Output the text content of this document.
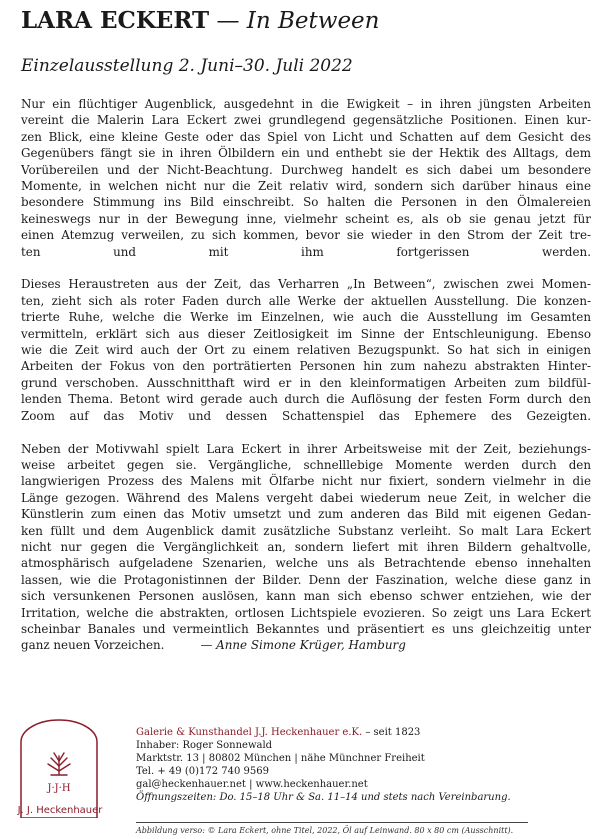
LARA ECKERT — In Between
Einzelausstellung 2. Juni–30. Juli 2022

Nur ein flüchtiger Augenblick, ausgedehnt in die Ewigkeit – in ihren jüngsten Arbeiten
vereint die Malerin Lara Eckert zwei grundlegend gegensätzliche Positionen. Einen kur-
zen Blick, eine kleine Geste oder das Spiel von Licht und Schatten auf dem Gesicht des
Gegenübers fängt sie in ihren Ölbildern ein und enthebt sie der Hektik des Alltags, dem
Vorübereilen und der Nicht-Beachtung. Durchweg handelt es sich dabei um besondere
Momente, in welchen nicht nur die Zeit relativ wird, sondern sich darüber hinaus eine
besondere Stimmung ins Bild einschreibt. So halten die Personen in den Ölmalereien
keineswegs nur in der Bewegung inne, vielmehr scheint es, als ob sie genau jetzt für
einen Atemzug verweilen, zu sich kommen, bevor sie wieder in den Strom der Zeit tre-
ten und mit ihm fortgerissen werden.

Dieses Heraustreten aus der Zeit, das Verharren „In Between“, zwischen zwei Momen-
ten, zieht sich als roter Faden durch alle Werke der aktuellen Ausstellung. Die konzen-
trierte Ruhe, welche die Werke im Einzelnen, wie auch die Ausstellung im Gesamten
vermitteln, erklärt sich aus dieser Zeitlosigkeit im Sinne der Entschleunigung. Ebenso
wie die Zeit wird auch der Ort zu einem relativen Bezugspunkt. So hat sich in einigen
Arbeiten der Fokus von den porträtierten Personen hin zum nahezu abstrakten Hinter-
grund verschoben. Ausschnitthaft wird er in den kleinformatigen Arbeiten zum bildfül-
lenden Thema. Betont wird gerade auch durch die Auflösung der festen Form durch den
Zoom auf das Motiv und dessen Schattenspiel das Ephemere des Gezeigten.

Neben der Motivwahl spielt Lara Eckert in ihrer Arbeitsweise mit der Zeit, beziehungs-
weise arbeitet gegen sie. Vergängliche, schnelllebige Momente werden durch den
langwierigen Prozess des Malens mit Ölfarbe nicht nur fixiert, sondern vielmehr in die
Länge gezogen. Während des Malens vergeht dabei wiederum neue Zeit, in welcher die
Künstlerin zum einen das Motiv umsetzt und zum anderen das Bild mit eigenen Gedan-
ken füllt und dem Augenblick damit zusätzliche Substanz verleiht. So malt Lara Eckert
nicht nur gegen die Vergänglichkeit an, sondern liefert mit ihren Bildern gehaltvolle,
atmosphärisch aufgeladene Szenarien, welche uns als Betrachtende ebenso innehalten
lassen, wie die Protagonistinnen der Bilder. Denn der Faszination, welche diese ganz in
sich versunkenen Personen auslösen, kann man sich ebenso schwer entziehen, wie der
Irritation, welche die abstrakten, ortlosen Lichtspiele evozieren. So zeigt uns Lara Eckert
scheinbar Banales und vermeintlich Bekanntes und präsentiert es uns gleichzeitig unter
ganz neuen Vorzeichen.	— Anne Simone Krüger, Hamburg

J·J·H
J. J. Heckenhauer
Galerie & Kunsthandel J.J. Heckenhauer e.K. – seit 1823
Inhaber: Roger Sonnewald
Marktstr. 13 | 80802 München | nähe Münchner Freiheit
Tel. + 49 (0)172 740 9569
gal@heckenhauer.net | www.heckenhauer.net
Öffnungszeiten: Do. 15–18 Uhr & Sa. 11–14 und stets nach Vereinbarung.
Abbildung verso: © Lara Eckert, ohne Titel, 2022, Öl auf Leinwand. 80 x 80 cm (Ausschnitt).
